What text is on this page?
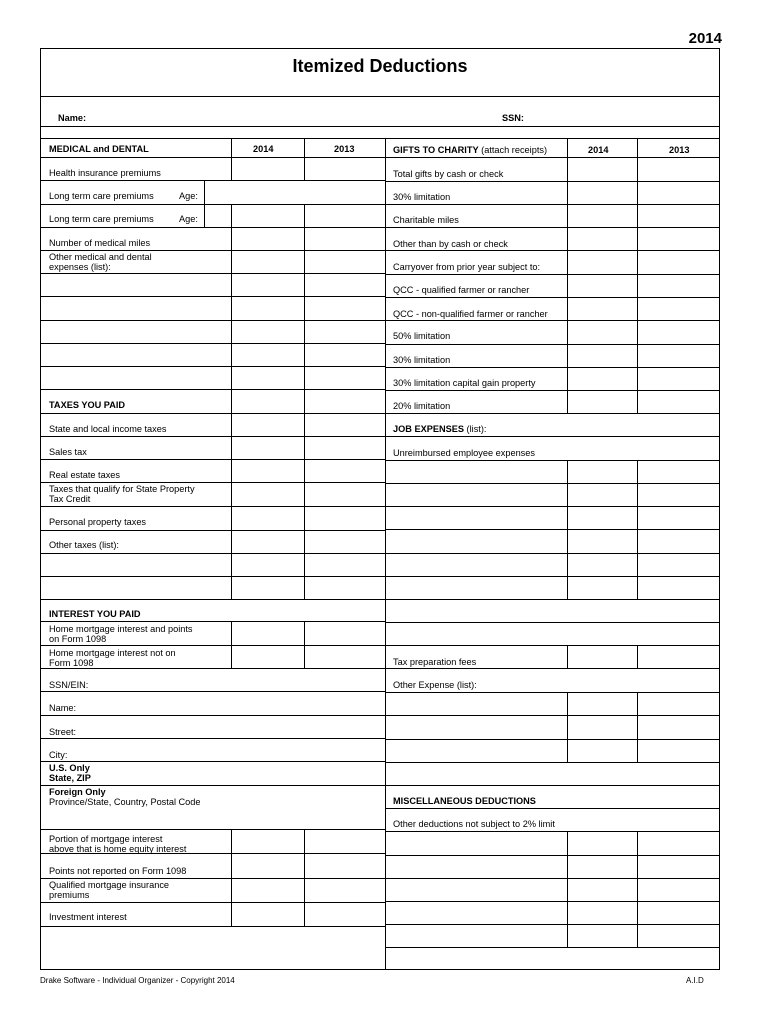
2014
Itemized Deductions
Name:	SSN:
MEDICAL and DENTAL	2014	2013
Health insurance premiums
Long term care premiums	Age:
Long term care premiums	Age:
Number of medical miles
Other medical and dental
expenses (list):
TAXES YOU PAID
State and local income taxes
Sales tax
Real estate taxes
Taxes that qualify for State Property
Tax Credit
Personal property taxes
Other taxes (list):
INTEREST YOU PAID
Home mortgage interest and points
on Form 1098
Home mortgage interest not on
Form 1098
SSN/EIN:
Name:
Street:
City:
U.S. Only
State, ZIP
Foreign Only
Province/State, Country, Postal Code
Portion of mortgage interest
above that is home equity interest
Points not reported on Form 1098
Qualified mortgage insurance
premiums
Investment interest
GIFTS TO CHARITY (attach receipts)	2014	2013
Total gifts by cash or check
30% limitation
Charitable miles
Other than by cash or check
Carryover from prior year subject to:
QCC - qualified farmer or rancher
QCC - non-qualified farmer or rancher
50% limitation
30% limitation
30% limitation capital gain property
20% limitation
JOB EXPENSES (list):
Unreimbursed employee expenses
Tax preparation fees
Other Expense (list):
MISCELLANEOUS DEDUCTIONS
Other deductions not subject to 2% limit
Drake Software - Individual Organizer - Copyright 2014	A.I.D
